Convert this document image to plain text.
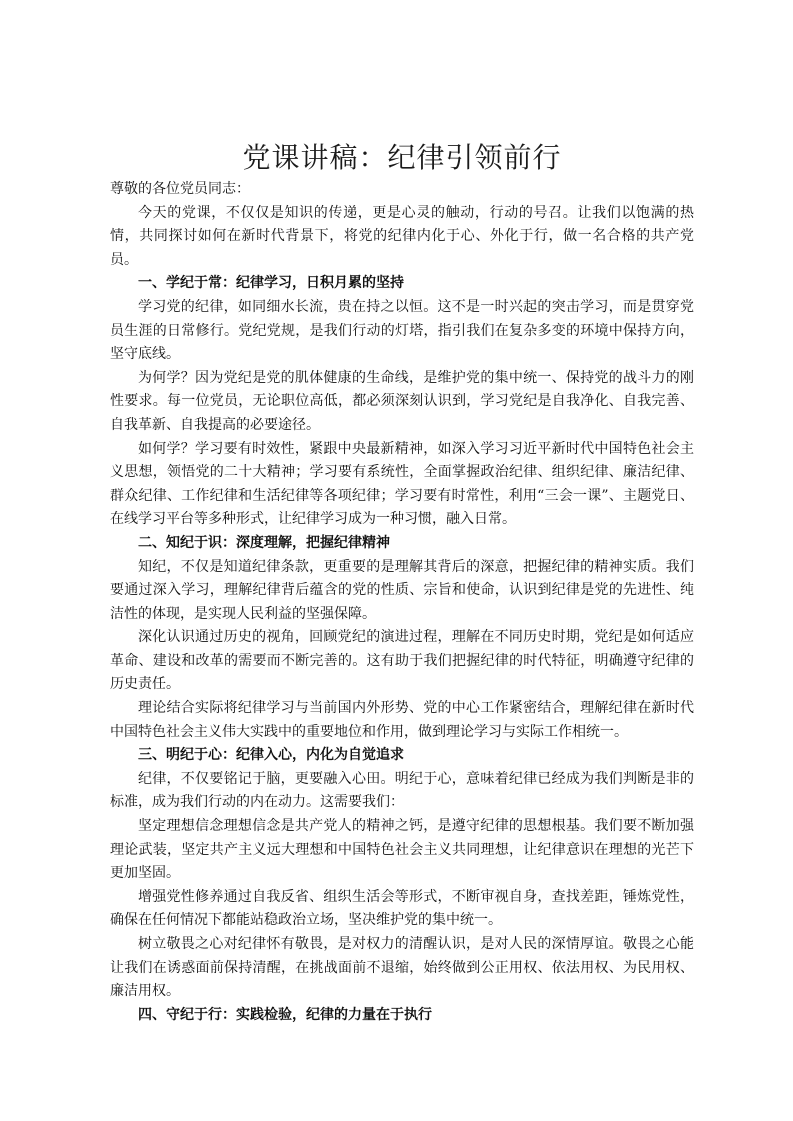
党课讲稿：纪律引领前行

尊敬的各位党员同志：

今天的党课，不仅仅是知识的传递，更是心灵的触动，行动的号召。让我们以饱满的热情，共同探讨如何在新时代背景下，将党的纪律内化于心、外化于行，做一名合格的共产党员。

一、学纪于常：纪律学习，日积月累的坚持

学习党的纪律，如同细水长流，贵在持之以恒。这不是一时兴起的突击学习，而是贯穿党员生涯的日常修行。党纪党规，是我们行动的灯塔，指引我们在复杂多变的环境中保持方向，坚守底线。

为何学？因为党纪是党的肌体健康的生命线，是维护党的集中统一、保持党的战斗力的刚性要求。每一位党员，无论职位高低，都必须深刻认识到，学习党纪是自我净化、自我完善、自我革新、自我提高的必要途径。

如何学？学习要有时效性，紧跟中央最新精神，如深入学习习近平新时代中国特色社会主义思想，领悟党的二十大精神；学习要有系统性，全面掌握政治纪律、组织纪律、廉洁纪律、群众纪律、工作纪律和生活纪律等各项纪律；学习要有时常性，利用“三会一课”、主题党日、在线学习平台等多种形式，让纪律学习成为一种习惯，融入日常。

二、知纪于识：深度理解，把握纪律精神

知纪，不仅是知道纪律条款，更重要的是理解其背后的深意，把握纪律的精神实质。我们要通过深入学习，理解纪律背后蕴含的党的性质、宗旨和使命，认识到纪律是党的先进性、纯洁性的体现，是实现人民利益的坚强保障。

深化认识通过历史的视角，回顾党纪的演进过程，理解在不同历史时期，党纪是如何适应革命、建设和改革的需要而不断完善的。这有助于我们把握纪律的时代特征，明确遵守纪律的历史责任。

理论结合实际将纪律学习与当前国内外形势、党的中心工作紧密结合，理解纪律在新时代中国特色社会主义伟大实践中的重要地位和作用，做到理论学习与实际工作相统一。

三、明纪于心：纪律入心，内化为自觉追求

纪律，不仅要铭记于脑，更要融入心田。明纪于心，意味着纪律已经成为我们判断是非的标准，成为我们行动的内在动力。这需要我们：

坚定理想信念理想信念是共产党人的精神之钙，是遵守纪律的思想根基。我们要不断加强理论武装，坚定共产主义远大理想和中国特色社会主义共同理想，让纪律意识在理想的光芒下更加坚固。

增强党性修养通过自我反省、组织生活会等形式，不断审视自身，查找差距，锤炼党性，确保在任何情况下都能站稳政治立场，坚决维护党的集中统一。

树立敬畏之心对纪律怀有敬畏，是对权力的清醒认识，是对人民的深情厚谊。敬畏之心能让我们在诱惑面前保持清醒，在挑战面前不退缩，始终做到公正用权、依法用权、为民用权、廉洁用权。

四、守纪于行：实践检验，纪律的力量在于执行
